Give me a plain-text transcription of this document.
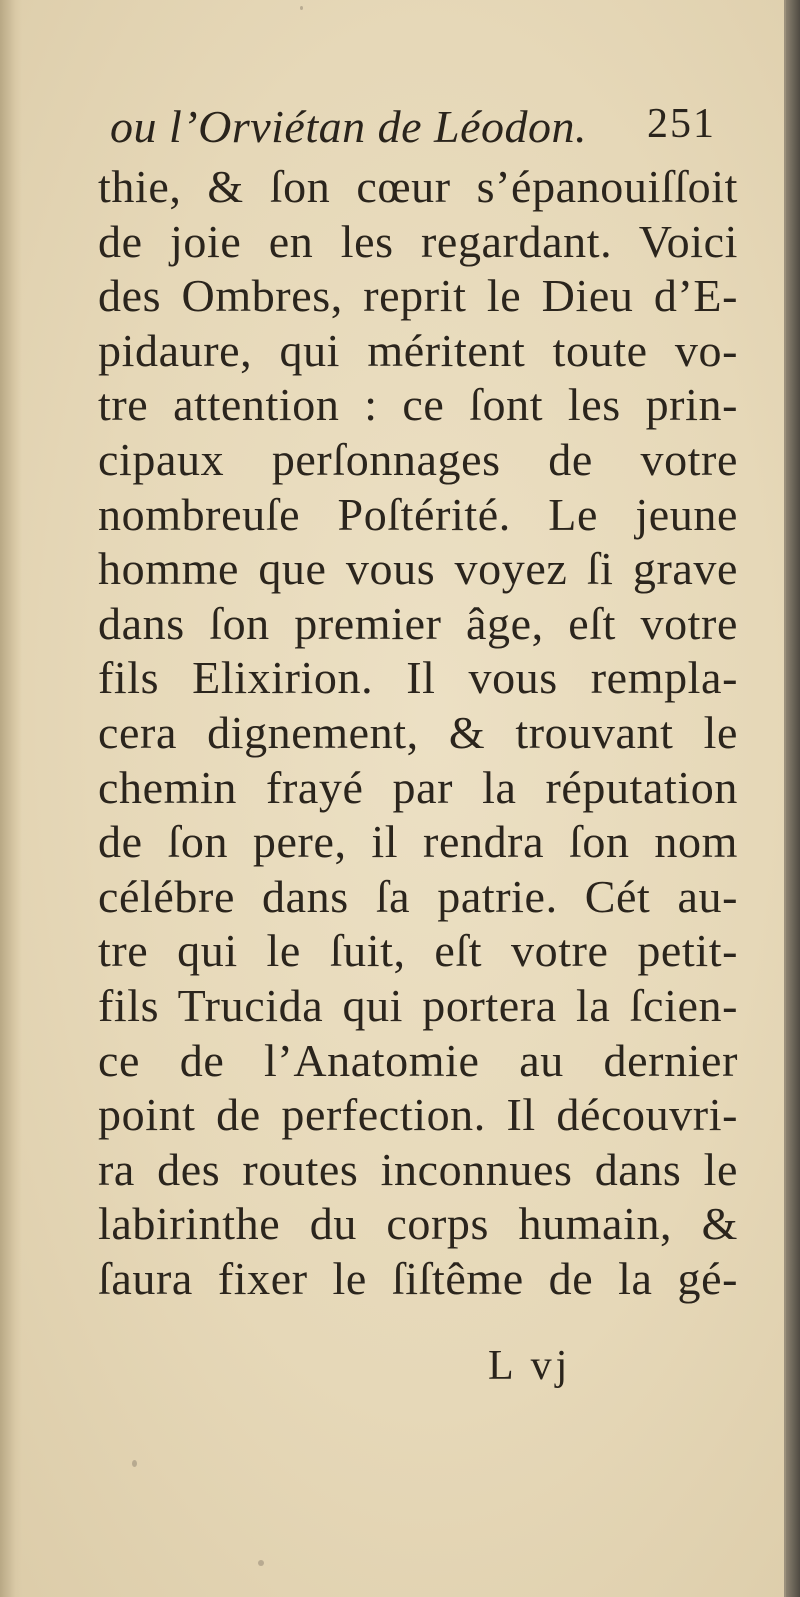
ou l’Orviétan de Léodon. 251
thie, & ſon cœur s’épanouiſſoit
de joie en les regardant. Voici
des Ombres, reprit le Dieu d’E-
pidaure, qui méritent toute vo-
tre attention : ce ſont les prin-
cipaux perſonnages de votre
nombreuſe Poſtérité. Le jeune
homme que vous voyez ſi grave
dans ſon premier âge, eſt votre
fils Elixirion. Il vous rempla-
cera dignement, & trouvant le
chemin frayé par la réputation
de ſon pere, il rendra ſon nom
célébre dans ſa patrie. Cét au-
tre qui le ſuit, eſt votre petit-
fils Trucida qui portera la ſcien-
ce de l’Anatomie au dernier
point de perfection. Il découvri-
ra des routes inconnues dans le
labirinthe du corps humain, &
ſaura fixer le ſiſtême de la gé-
L vj
